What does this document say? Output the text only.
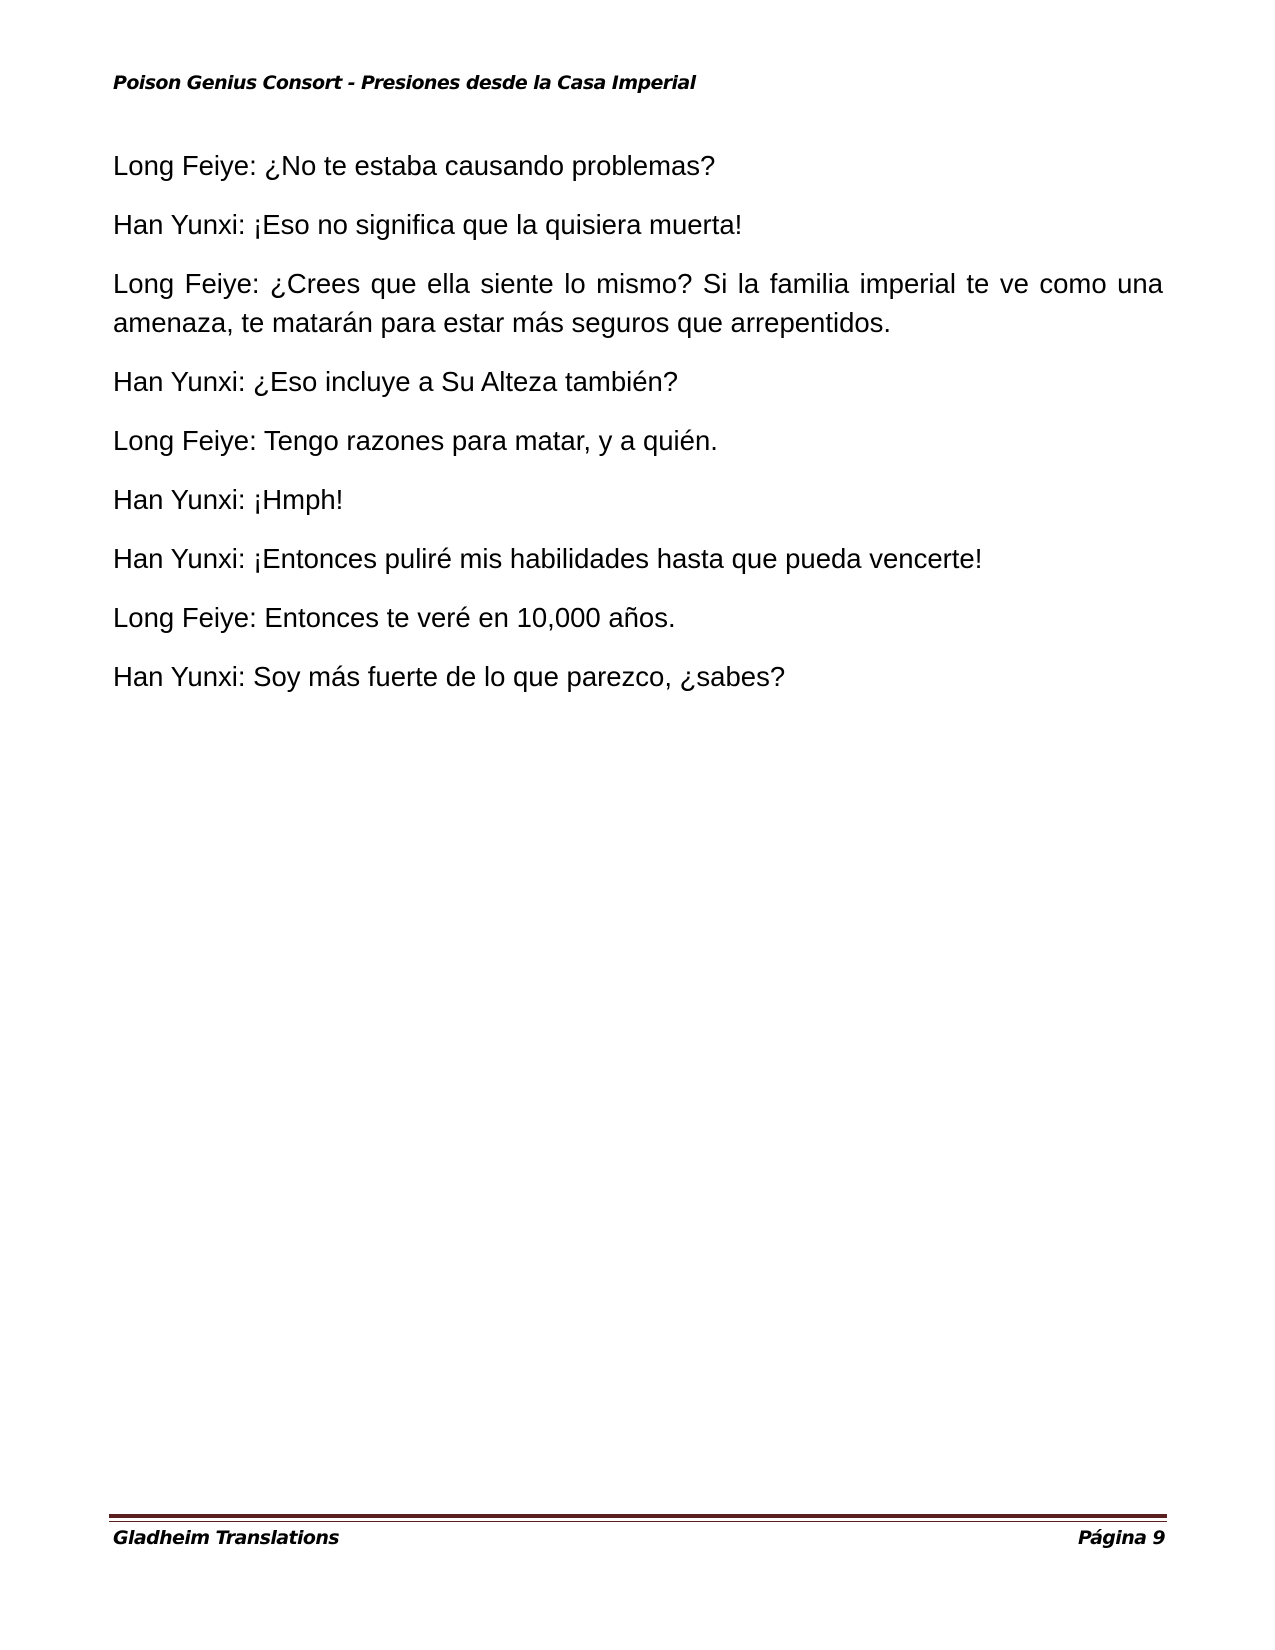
Poison Genius Consort - Presiones desde la Casa Imperial

Long Feiye: ¿No te estaba causando problemas?

Han Yunxi: ¡Eso no significa que la quisiera muerta!

Long Feiye: ¿Crees que ella siente lo mismo? Si la familia imperial te ve como una amenaza, te matarán para estar más seguros que arrepentidos.

Han Yunxi: ¿Eso incluye a Su Alteza también?

Long Feiye: Tengo razones para matar, y a quién.

Han Yunxi: ¡Hmph!

Han Yunxi: ¡Entonces puliré mis habilidades hasta que pueda vencerte!

Long Feiye: Entonces te veré en 10,000 años.

Han Yunxi: Soy más fuerte de lo que parezco, ¿sabes?

Gladheim Translations	Página 9
